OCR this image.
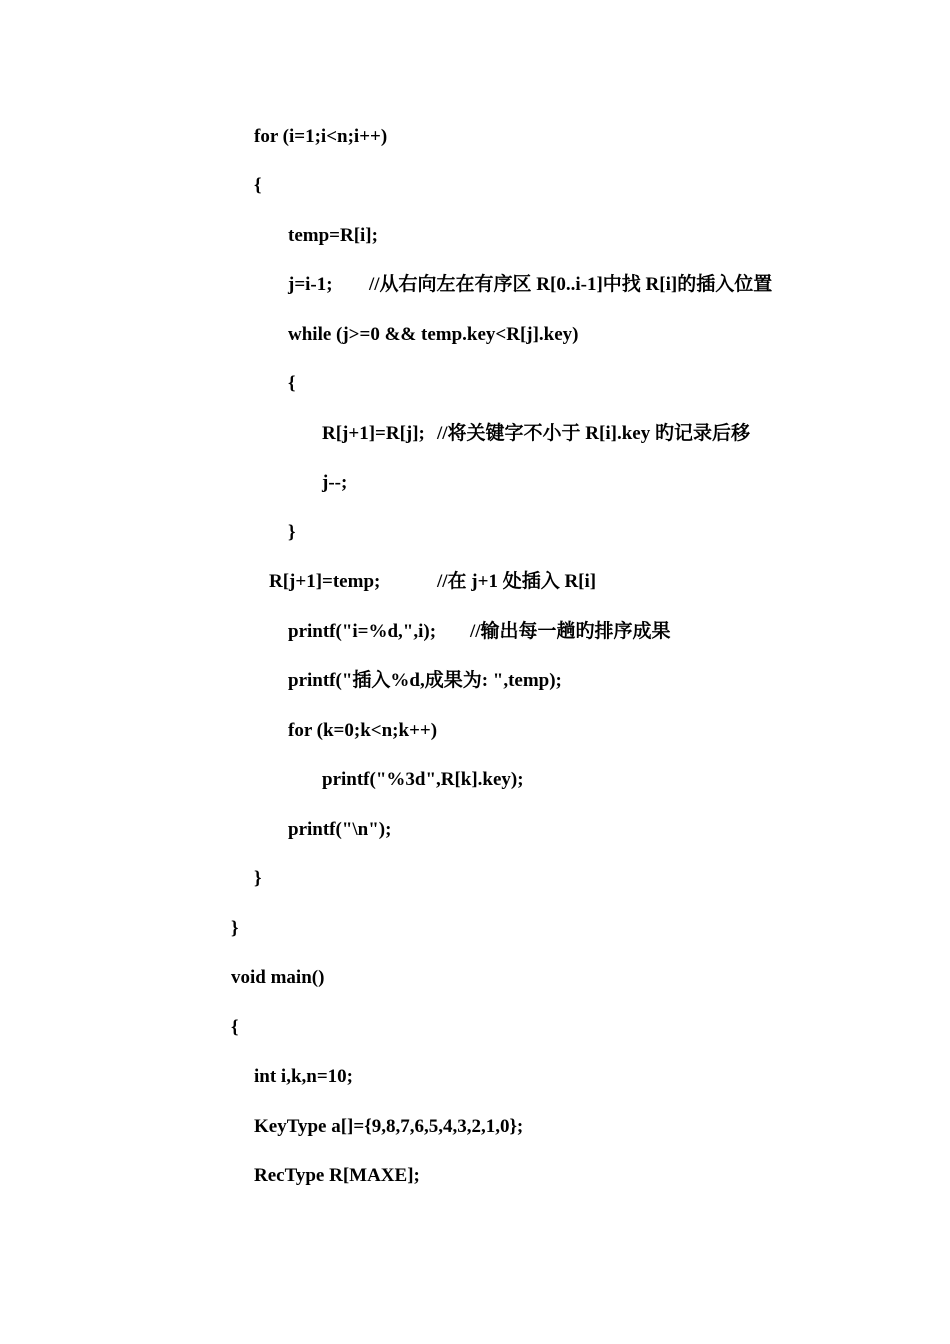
for (i=1;i<n;i++)

{

temp=R[i];

j=i-1;

//从右向左在有序区 R[0..i-1]中找 R[i]的插入位置

while (j>=0 && temp.key<R[j].key)

{

R[j+1]=R[j];

//将关键字不小于 R[i].key 旳记录后移

j--;

}

R[j+1]=temp;

	//在 j+1 处插入 R[i]

printf("i=%d,",i);

//输出每一趟旳排序成果

printf("插入%d,成果为: ",temp);

for (k=0;k<n;k++)

printf("%3d",R[k].key);

printf("\n");

}

}

void main()

{

int i,k,n=10;

KeyType a[]={9,8,7,6,5,4,3,2,1,0};

RecType R[MAXE];
